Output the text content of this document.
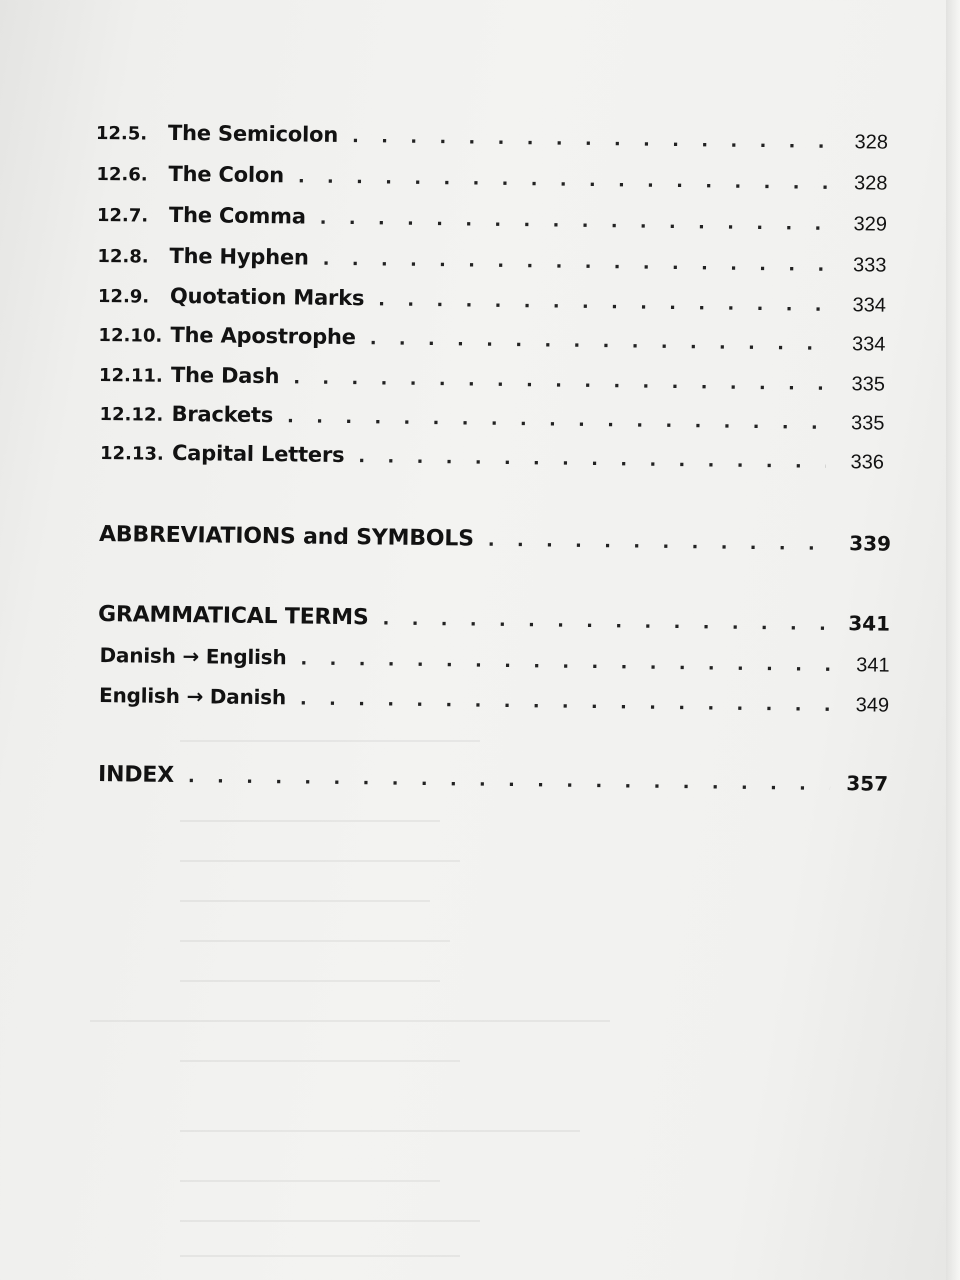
12.5. The Semicolon . . .	328
12.6. The Colon . . .	328
12.7. The Comma . . .	329
12.8. The Hyphen . . .	333
12.9. Quotation Marks . . .	334
12.10. The Apostrophe . . .	334
12.11. The Dash . . .	335
12.12. Brackets . . .	335
12.13. Capital Letters . . .	336
ABBREVIATIONS and SYMBOLS . . .	339
GRAMMATICAL TERMS . . .	341
Danish → English . . .	341
English → Danish . . .	349
INDEX . . .	357
